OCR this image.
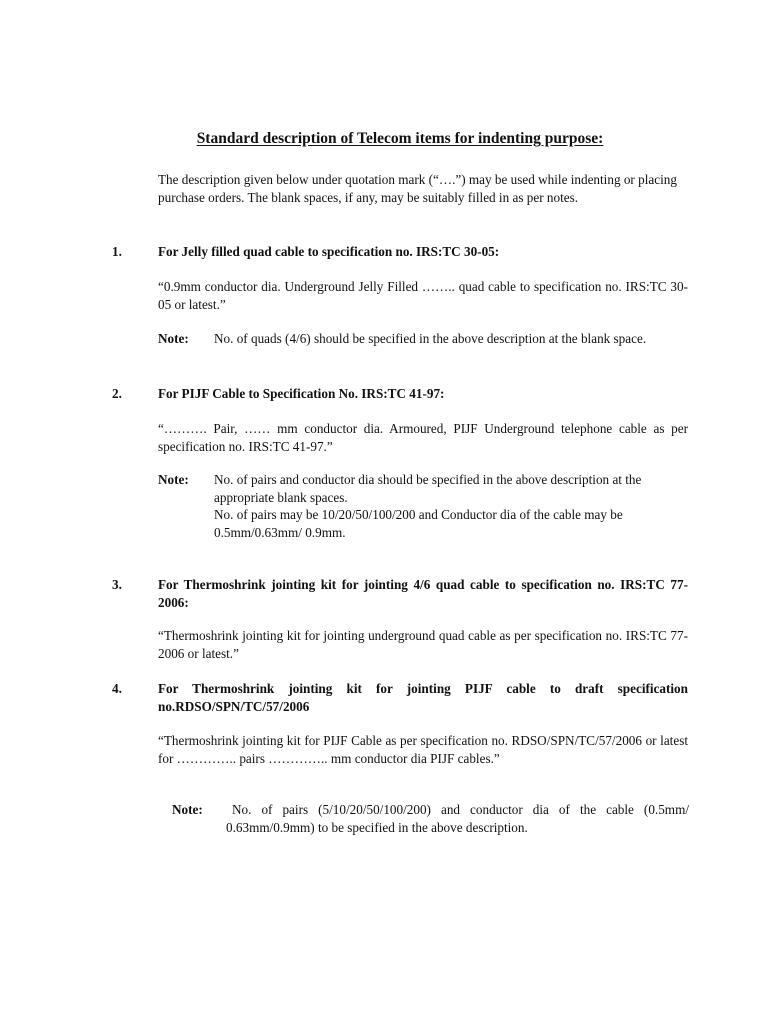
Standard description of Telecom items for indenting purpose:

The description given below under quotation mark (“….”) may be used while indenting or placing purchase orders. The blank spaces, if any, may be suitably filled in as per notes.

1.	For Jelly filled quad cable to specification no. IRS:TC 30-05:

“0.9mm conductor dia. Underground Jelly Filled …….. quad cable to specification no. IRS:TC 30-05 or latest.”

Note: No. of quads (4/6) should be specified in the above description at the blank space.

2.	For PIJF Cable to Specification No. IRS:TC 41-97:

“………. Pair, …… mm conductor dia. Armoured, PIJF Underground telephone cable as per specification no. IRS:TC 41-97.”

Note: No. of pairs and conductor dia should be specified in the above description at the appropriate blank spaces.
No. of pairs may be 10/20/50/100/200 and Conductor dia of the cable may be 0.5mm/0.63mm/ 0.9mm.
3.	For Thermoshrink jointing kit for jointing 4/6 quad cable to specification no. IRS:TC 77-2006:

“Thermoshrink jointing kit for jointing underground quad cable as per specification no. IRS:TC 77-2006 or latest.”

4.	For Thermoshrink jointing kit for jointing PIJF cable to draft specification no.RDSO/SPN/TC/57/2006

“Thermoshrink jointing kit for PIJF Cable as per specification no. RDSO/SPN/TC/57/2006 or latest for ………….. pairs ………….. mm conductor dia PIJF cables.”

Note:	No. of pairs (5/10/20/50/100/200) and conductor dia of the cable (0.5mm/ 0.63mm/0.9mm) to be specified in the above description.
